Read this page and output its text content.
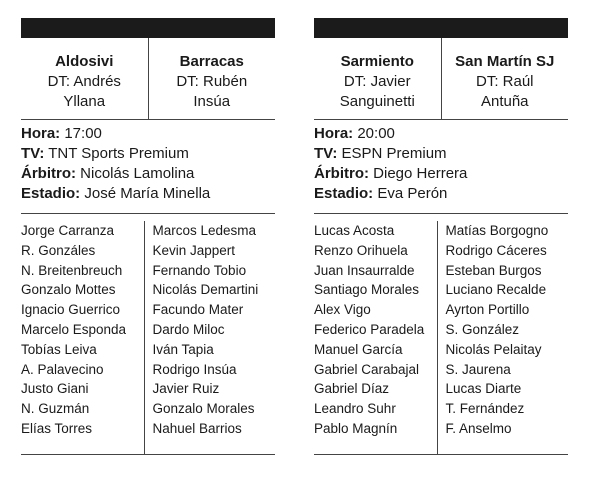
Aldosivi
DT: Andrés
Yllana
Barracas
DT: Rubén
Insúa
Hora: 17:00
TV: TNT Sports Premium
Árbitro: Nicolás Lamolina
Estadio: José María Minella
Jorge Carranza
R. Gonzáles
N. Breitenbreuch
Gonzalo Mottes
Ignacio Guerrico
Marcelo Esponda
Tobías Leiva
A. Palavecino
Justo Giani
N. Guzmán
Elías Torres
Marcos Ledesma
Kevin Jappert
Fernando Tobio
Nicolás Demartini
Facundo Mater
Dardo Miloc
Iván Tapia
Rodrigo Insúa
Javier Ruiz
Gonzalo Morales
Nahuel Barrios
Sarmiento
DT: Javier
Sanguinetti
San Martín SJ
DT: Raúl
Antuña
Hora: 20:00
TV: ESPN Premium
Árbitro: Diego Herrera
Estadio: Eva Perón
Lucas Acosta
Renzo Orihuela
Juan Insaurralde
Santiago Morales
Alex Vigo
Federico Paradela
Manuel García
Gabriel Carabajal
Gabriel Díaz
Leandro Suhr
Pablo Magnín
Matías Borgogno
Rodrigo Cáceres
Esteban Burgos
Luciano Recalde
Ayrton Portillo
S. González
Nicolás Pelaitay
S. Jaurena
Lucas Diarte
T. Fernández
F. Anselmo
